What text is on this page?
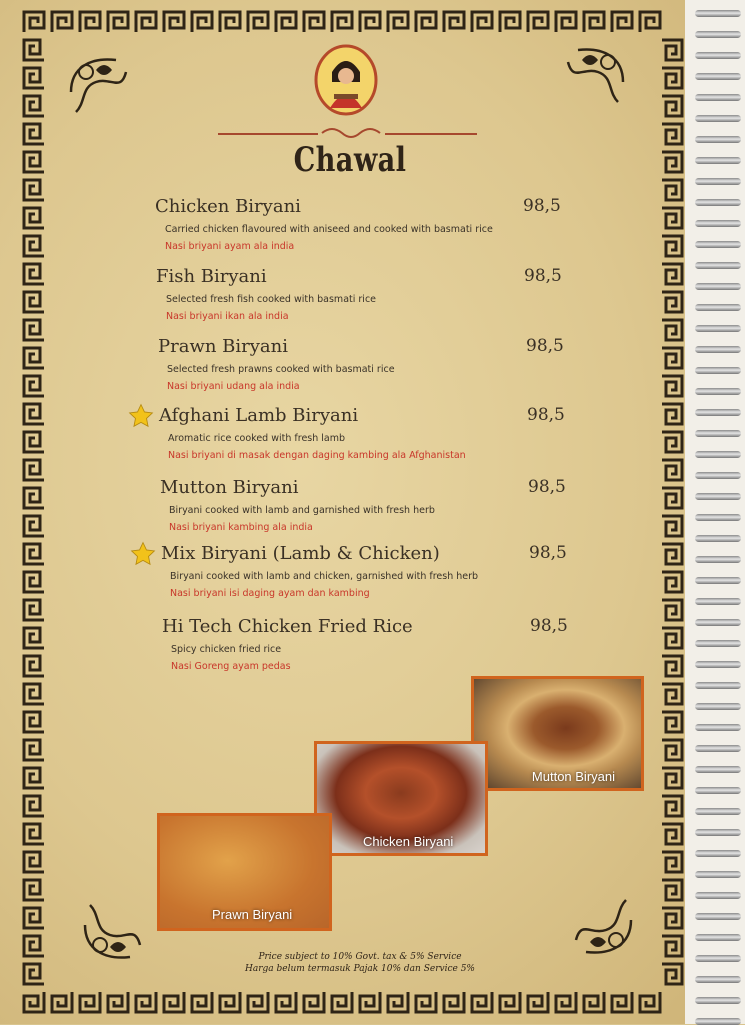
Chawal
Chicken Biryani	98,5
Carried chicken flavoured with aniseed and cooked with basmati rice
Nasi briyani ayam ala india
Fish Biryani	98,5
Selected fresh fish cooked with basmati rice
Nasi briyani ikan ala india
Prawn Biryani	98,5
Selected fresh prawns cooked with basmati rice
Nasi briyani udang ala india
Afghani Lamb Biryani	98,5
Aromatic rice cooked with fresh lamb
Nasi briyani di masak dengan daging kambing ala Afghanistan
Mutton Biryani	98,5
Biryani cooked with lamb and garnished with fresh herb
Nasi briyani kambing ala india
Mix Biryani (Lamb & Chicken)	98,5
Biryani cooked with lamb and chicken, garnished with fresh herb
Nasi briyani isi daging ayam dan kambing
Hi Tech Chicken Fried Rice	98,5
Spicy chicken fried rice
Nasi Goreng ayam pedas
Mutton Biryani
Chicken Biryani
Prawn Biryani
Price subject to 10% Govt. tax & 5% Service
Harga belum termasuk Pajak 10% dan Service 5%
